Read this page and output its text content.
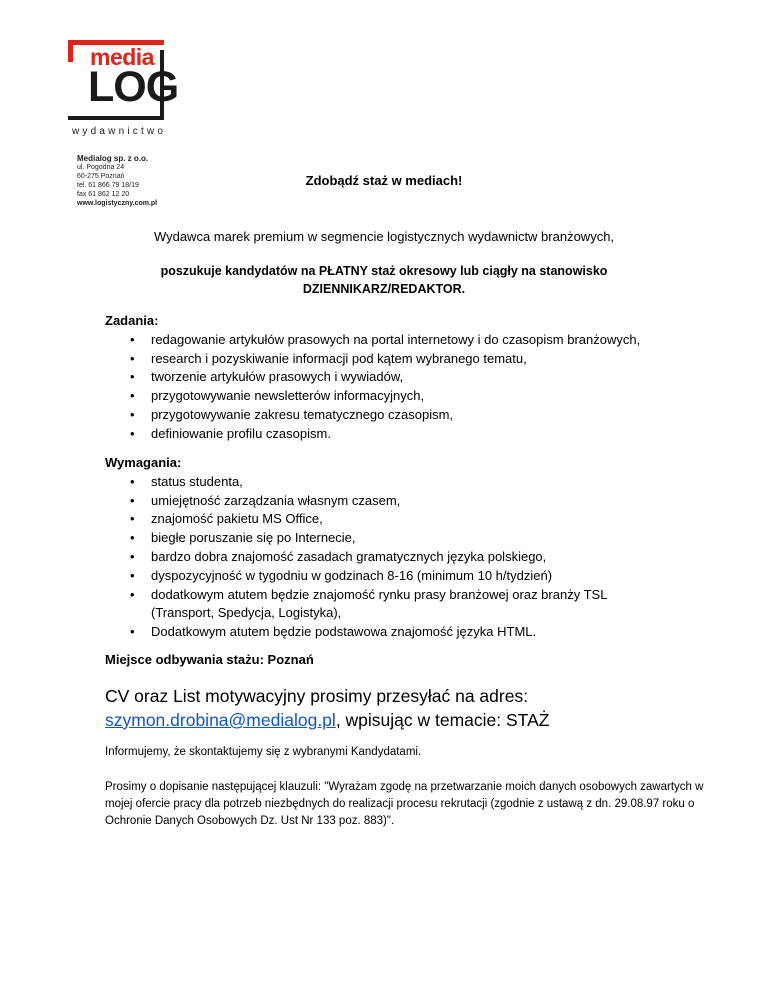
media
LOG
wydawnictwo
Medialog sp. z o.o.
ul. Pogodna 24
60-275 Poznań
tel. 61 866 79 18/19
fax 61 862 12 20
www.logistyczny.com.pl
Zdobądź staż w mediach!
Wydawca marek premium w segmencie logistycznych wydawnictw branżowych,
poszukuje kandydatów na PŁATNY staż okresowy lub ciągły na stanowisko
DZIENNIKARZ/REDAKTOR.
Zadania:
• redagowanie artykułów prasowych na portal internetowy i do czasopism branżowych,
• research i pozyskiwanie informacji pod kątem wybranego tematu,
• tworzenie artykułów prasowych i wywiadów,
• przygotowywanie newsletterów informacyjnych,
• przygotowywanie zakresu tematycznego czasopism,
• definiowanie profilu czasopism.
Wymagania:
• status studenta,
• umiejętność zarządzania własnym czasem,
• znajomość pakietu MS Office,
• biegłe poruszanie się po Internecie,
• bardzo dobra znajomość zasadach gramatycznych języka polskiego,
• dyspozycyjność w tygodniu w godzinach 8-16 (minimum 10 h/tydzień)
• dodatkowym atutem będzie znajomość rynku prasy branżowej oraz branży TSL
(Transport, Spedycja, Logistyka),
• Dodatkowym atutem będzie podstawowa znajomość języka HTML.
Miejsce odbywania stażu: Poznań
CV oraz List motywacyjny prosimy przesyłać na adres:
szymon.drobina@medialog.pl, wpisując w temacie: STAŻ
Informujemy, że skontaktujemy się z wybranymi Kandydatami.
Prosimy o dopisanie następującej klauzuli: "Wyrażam zgodę na przetwarzanie moich danych osobowych zawartych w mojej ofercie pracy dla potrzeb niezbędnych do realizacji procesu rekrutacji (zgodnie z ustawą z dn. 29.08.97 roku o Ochronie Danych Osobowych Dz. Ust Nr 133 poz. 883)".
